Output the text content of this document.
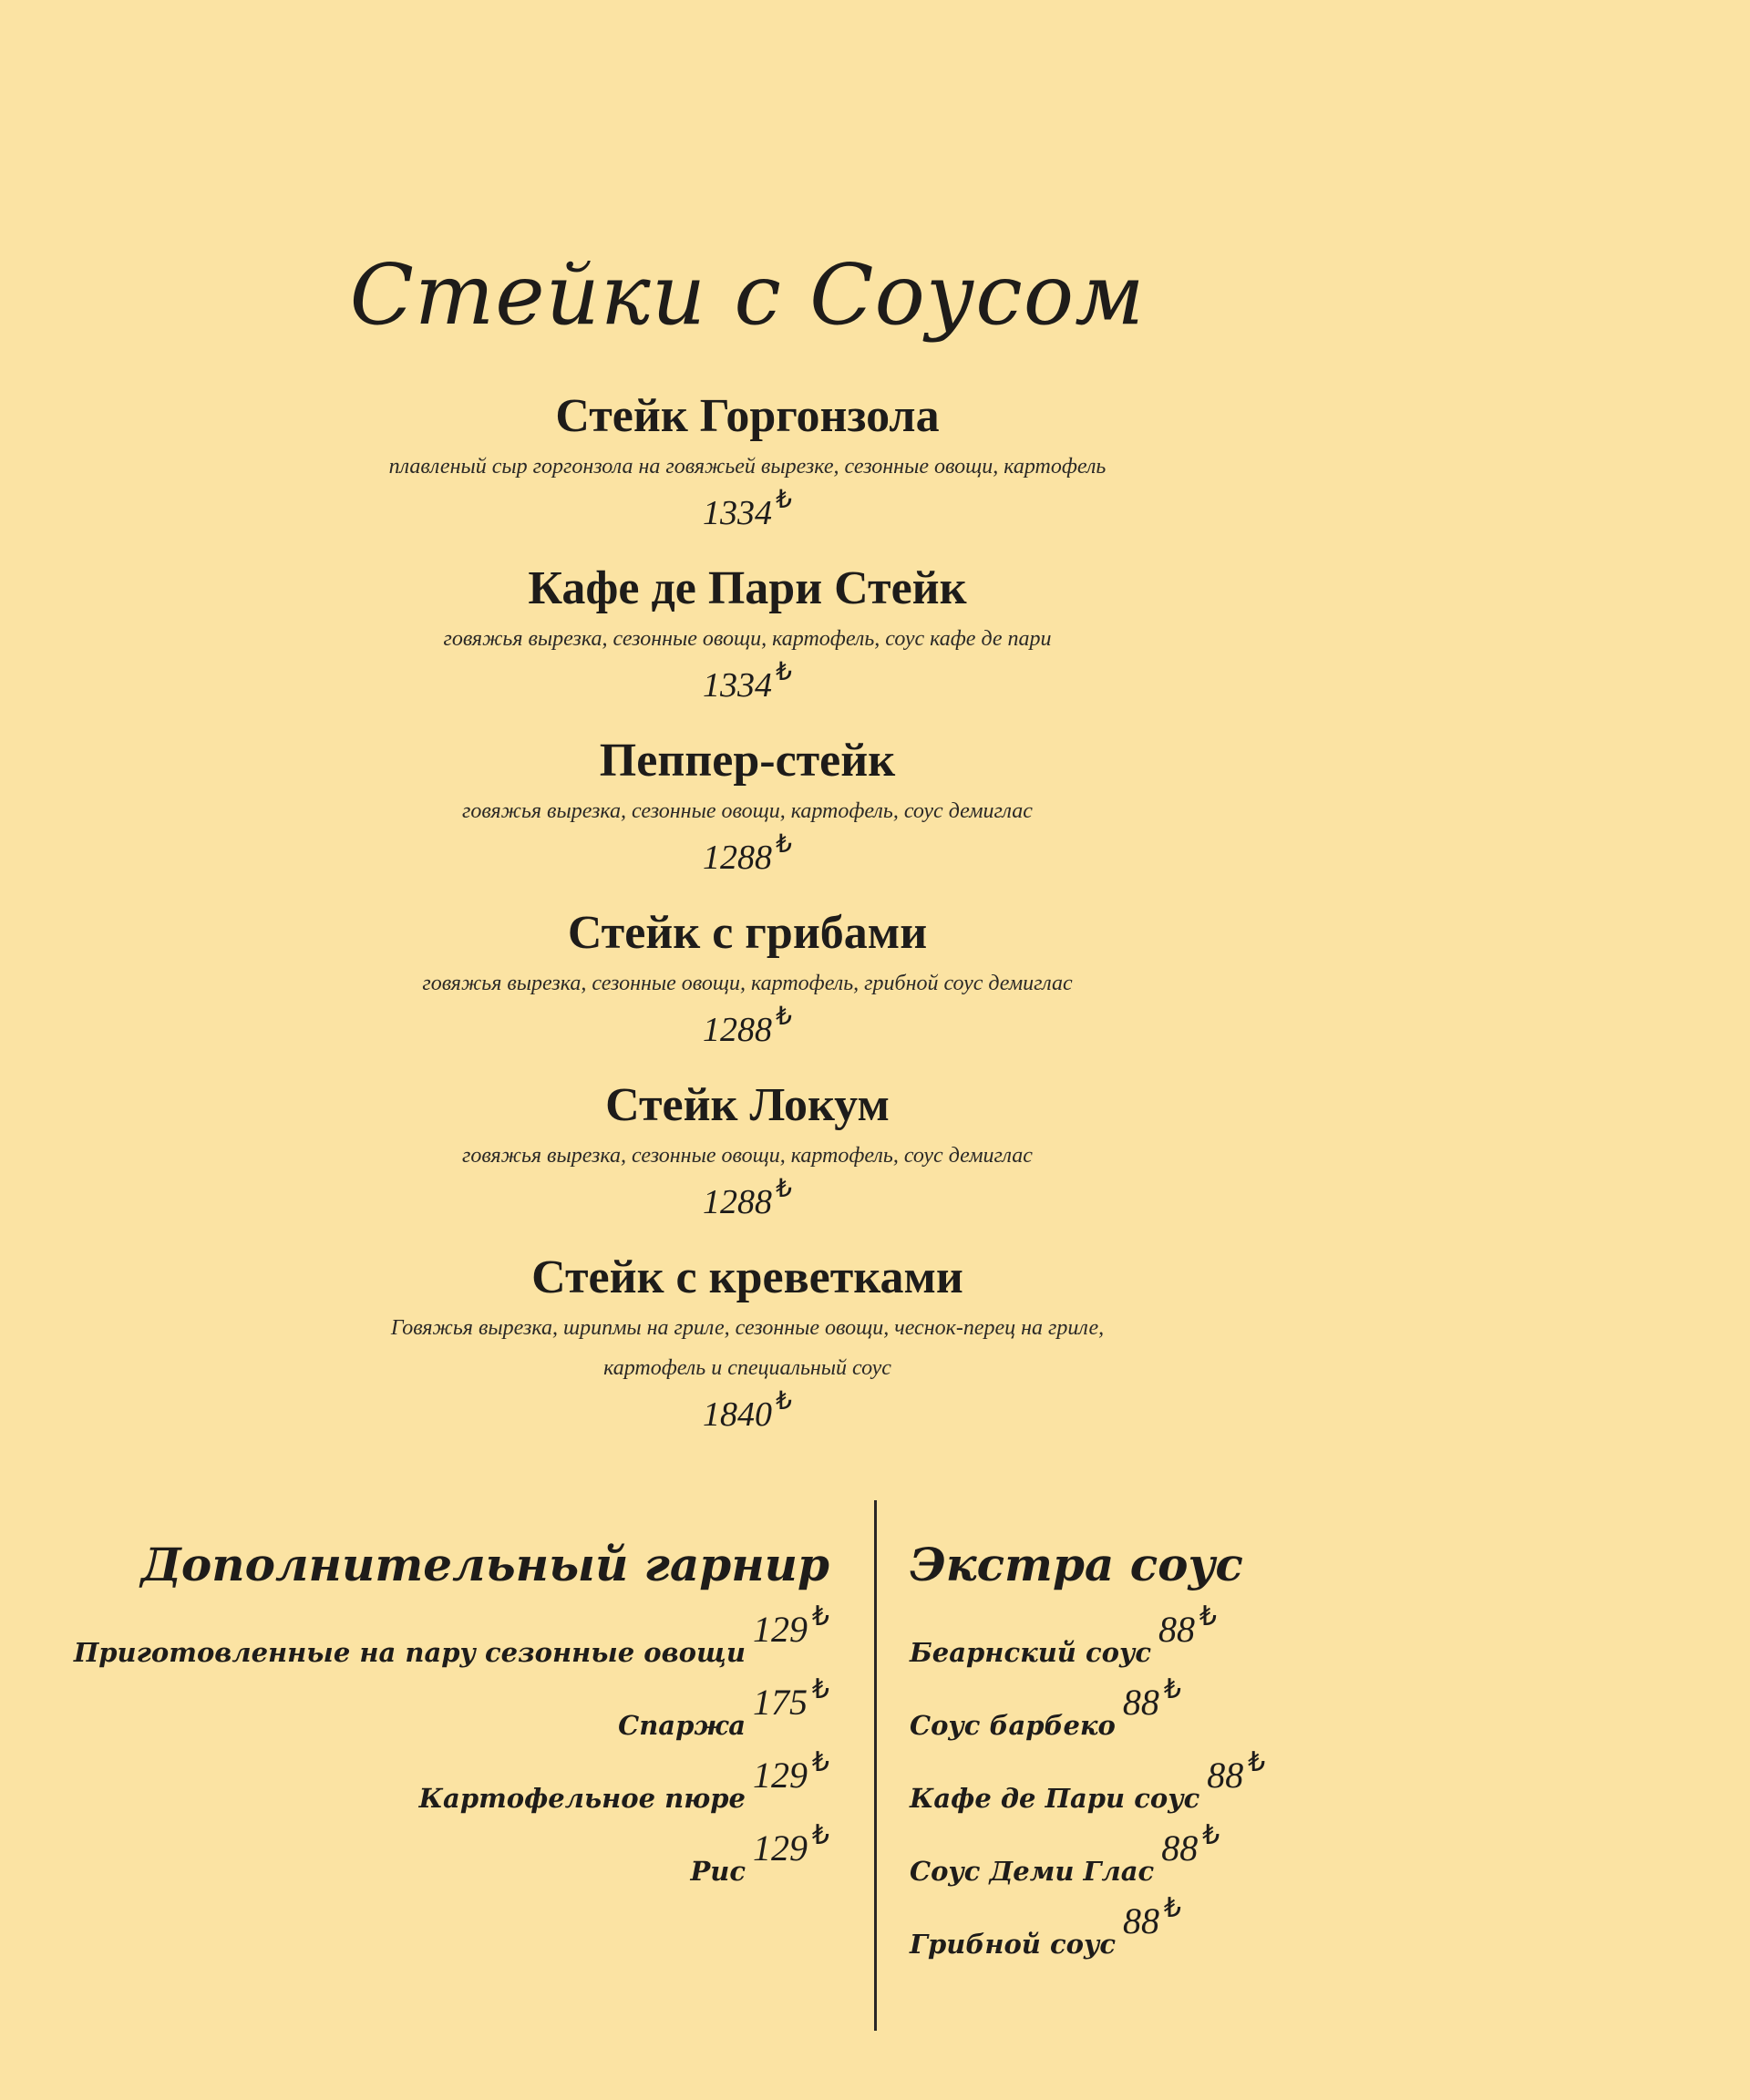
Стейки с Соусом
Стейк Горгонзола
плавленый сыр горгонзола на говяжьей вырезке, сезонные овощи, картофель
1334 ₺
Кафе де Пари Стейк
говяжья вырезка, сезонные овощи, картофель, соус кафе де пари
1334 ₺
Пеппер-стейк
говяжья вырезка, сезонные овощи, картофель, соус демиглас
1288 ₺
Стейк с грибами
говяжья вырезка, сезонные овощи, картофель, грибной соус демиглас
1288 ₺
Стейк Локум
говяжья вырезка, сезонные овощи, картофель, соус демиглас
1288 ₺
Стейк с креветками
Говяжья вырезка, шрипмы на гриле, сезонные овощи, чеснок-перец на гриле, картофель и специальный соус
1840 ₺
Дополнительный гарнир
Приготовленные на пару сезонные овощи129 ₺
Спаржа175 ₺
Картофельное пюре129 ₺
Рис129 ₺
Экстра соус
Беарнский соус88 ₺
Соус барбеко88 ₺
Кафе де Пари соус88 ₺
Соус Деми Глас88 ₺
Грибной соус88 ₺
